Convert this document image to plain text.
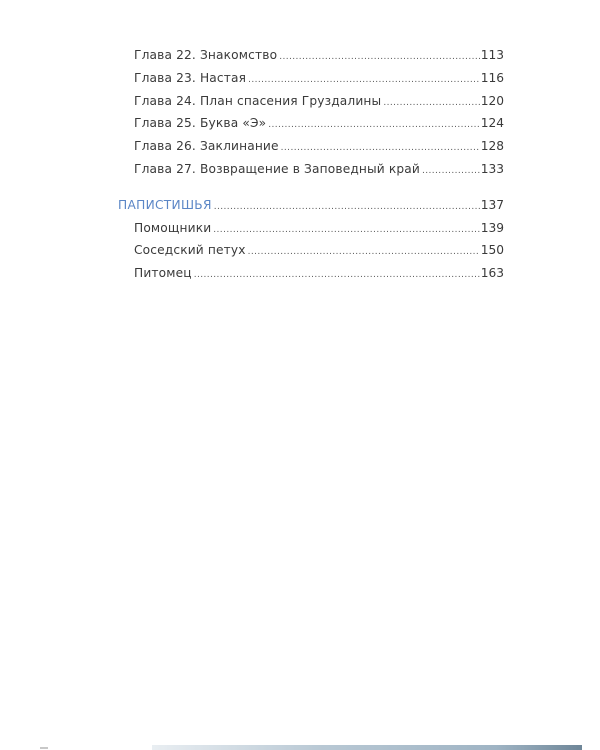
Глава 22. Знакомство .....	113
Глава 23. Настая .....	116
Глава 24. План спасения Груздалины .....	120
Глава 25. Буква «Э» .....	124
Глава 26. Заклинание .....	128
Глава 27. Возвращение в Заповедный край .....	133
ПАПИСТИШЬЯ .....	137
Помощники .....	139
Соседский петух .....	150
Питомец .....	163
